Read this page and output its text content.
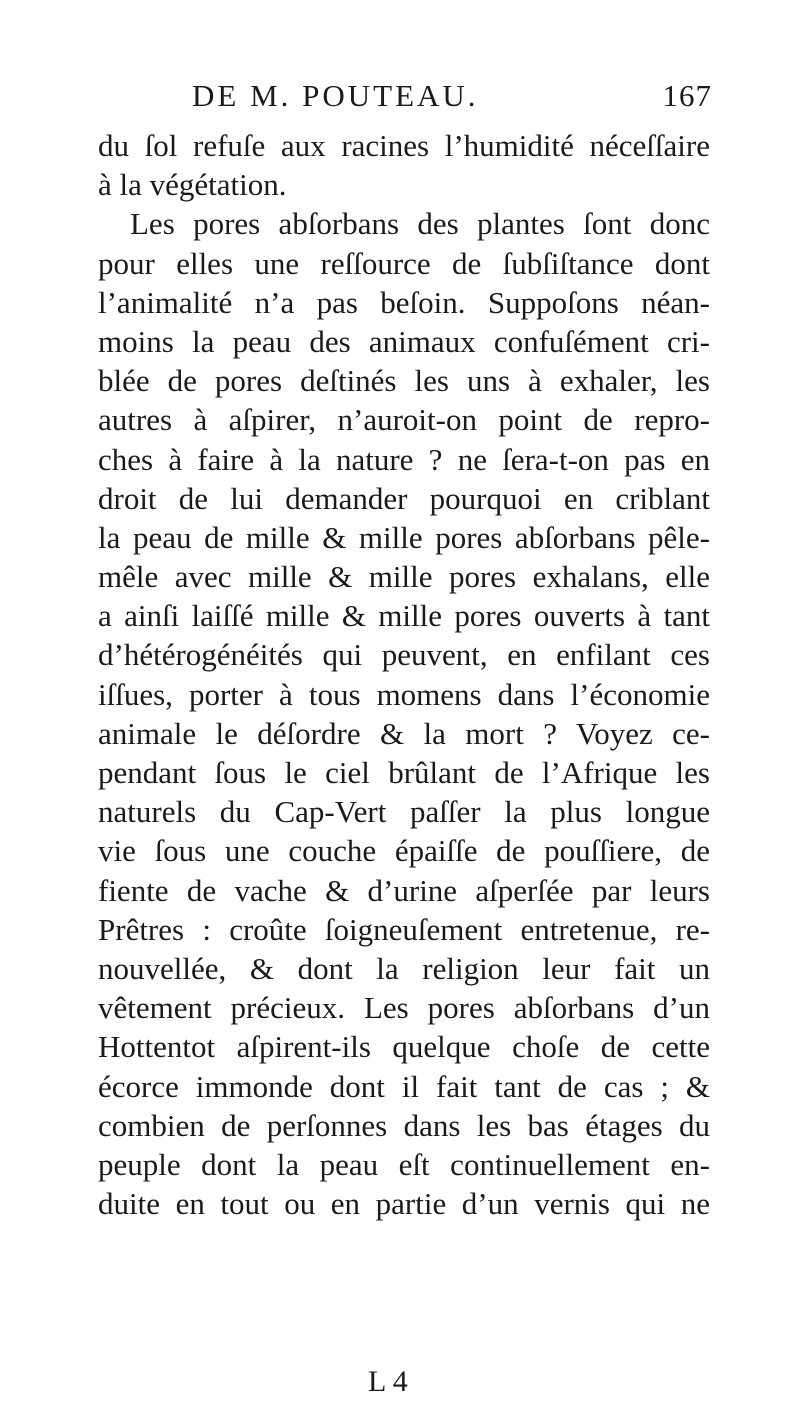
DE M. POUTEAU.	167
du ſol refuſe aux racines l’humidité néceſſaire
à la végétation.
Les pores abſorbans des plantes ſont donc
pour elles une reſſource de ſubſiſtance dont
l’animalité n’a pas beſoin. Suppoſons néan-
moins la peau des animaux confuſément cri-
blée de pores deſtinés les uns à exhaler, les
autres à aſpirer, n’auroit-on point de repro-
ches à faire à la nature ? ne ſera-t-on pas en
droit de lui demander pourquoi en criblant
la peau de mille & mille pores abſorbans pêle-
mêle avec mille & mille pores exhalans, elle
a ainſi laiſſé mille & mille pores ouverts à tant
d’hétérogénéités qui peuvent, en enfilant ces
iſſues, porter à tous momens dans l’économie
animale le déſordre & la mort ? Voyez ce-
pendant ſous le ciel brûlant de l’Afrique les
naturels du Cap-Vert paſſer la plus longue
vie ſous une couche épaiſſe de pouſſiere, de
fiente de vache & d’urine aſperſée par leurs
Prêtres : croûte ſoigneuſement entretenue, re-
nouvellée, & dont la religion leur fait un
vêtement précieux. Les pores abſorbans d’un
Hottentot aſpirent-ils quelque choſe de cette
écorce immonde dont il fait tant de cas ; &
combien de perſonnes dans les bas étages du
peuple dont la peau eſt continuellement en-
duite en tout ou en partie d’un vernis qui ne
L 4
